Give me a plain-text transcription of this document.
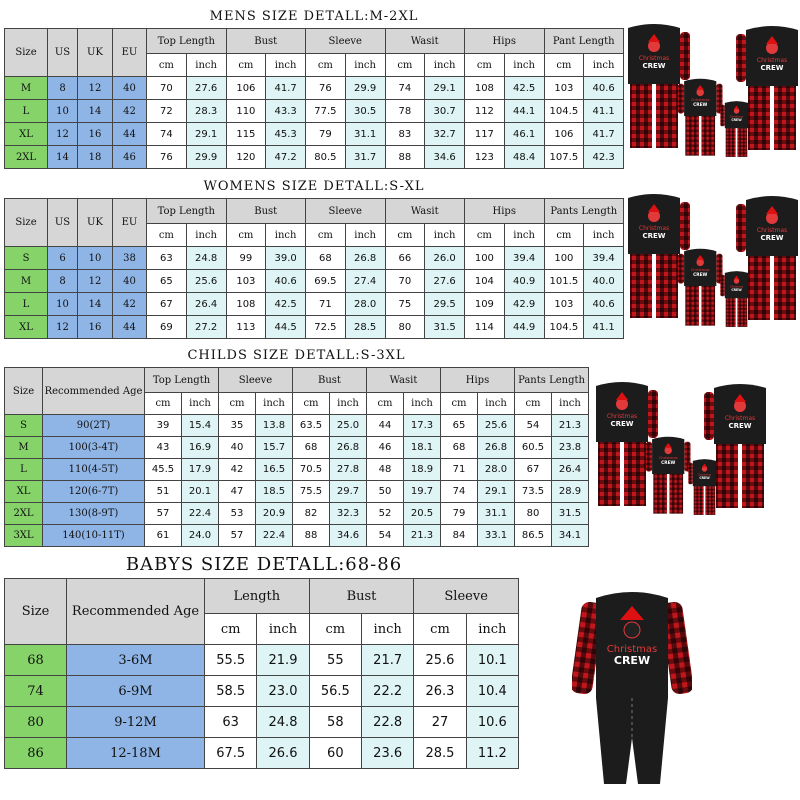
MENS SIZE DETALL:M-2XL
Size	US	UK	EU	Top Length		Bust		Sleeve		Wasit		Hips		Pant Length	
				cm	inch	cm	inch	cm	inch	cm	inch	cm	inch	cm	inch
M	8	12	40	70	27.6	106	41.7	76	29.9	74	29.1	108	42.5	103	40.6
L	10	14	42	72	28.3	110	43.3	77.5	30.5	78	30.7	112	44.1	104.5	41.1
XL	12	16	44	74	29.1	115	45.3	79	31.1	83	32.7	117	46.1	106	41.7
2XL	14	18	46	76	29.9	120	47.2	80.5	31.7	88	34.6	123	48.4	107.5	42.3
WOMENS SIZE DETALL:S-XL
Size	US	UK	EU	Top Length		Bust		Sleeve		Wasit		Hips		Pants Length	
				cm	inch	cm	inch	cm	inch	cm	inch	cm	inch	cm	inch
S	6	10	38	63	24.8	99	39.0	68	26.8	66	26.0	100	39.4	100	39.4
M	8	12	40	65	25.6	103	40.6	69.5	27.4	70	27.6	104	40.9	101.5	40.0
L	10	14	42	67	26.4	108	42.5	71	28.0	75	29.5	109	42.9	103	40.6
XL	12	16	44	69	27.2	113	44.5	72.5	28.5	80	31.5	114	44.9	104.5	41.1
CHILDS SIZE DETALL:S-3XL
Size	Recommended Age	Top Length		Sleeve		Bust		Wasit		Hips		Pants Length	
		cm	inch	cm	inch	cm	inch	cm	inch	cm	inch	cm	inch
S	90(2T)	39	15.4	35	13.8	63.5	25.0	44	17.3	65	25.6	54	21.3
M	100(3-4T)	43	16.9	40	15.7	68	26.8	46	18.1	68	26.8	60.5	23.8
L	110(4-5T)	45.5	17.9	42	16.5	70.5	27.8	48	18.9	71	28.0	67	26.4
XL	120(6-7T)	51	20.1	47	18.5	75.5	29.7	50	19.7	74	29.1	73.5	28.9
2XL	130(8-9T)	57	22.4	53	20.9	82	32.3	52	20.5	79	31.1	80	31.5
3XL	140(10-11T)	61	24.0	57	22.4	88	34.6	54	21.3	84	33.1	86.5	34.1
BABYS SIZE DETALL:68-86
Size	Recommended Age	Length		Bust		Sleeve	
		cm	inch	cm	inch	cm	inch
68	3-6M	55.5	21.9	55	21.7	25.6	10.1
74	6-9M	58.5	23.0	56.5	22.2	26.3	10.4
80	9-12M	63	24.8	58	22.8	27	10.6
86	12-18M	67.5	26.6	60	23.6	28.5	11.2
Christmas
CREW
Christmas
CREW
Christmas
CREW
Christmas
CREW
Christmas
CREW
Christmas
CREW
Christmas
CREW
Christmas
CREW
Christmas
CREW
Christmas
CREW
Christmas
CREW
Christmas
CREW
Christmas
CREW
